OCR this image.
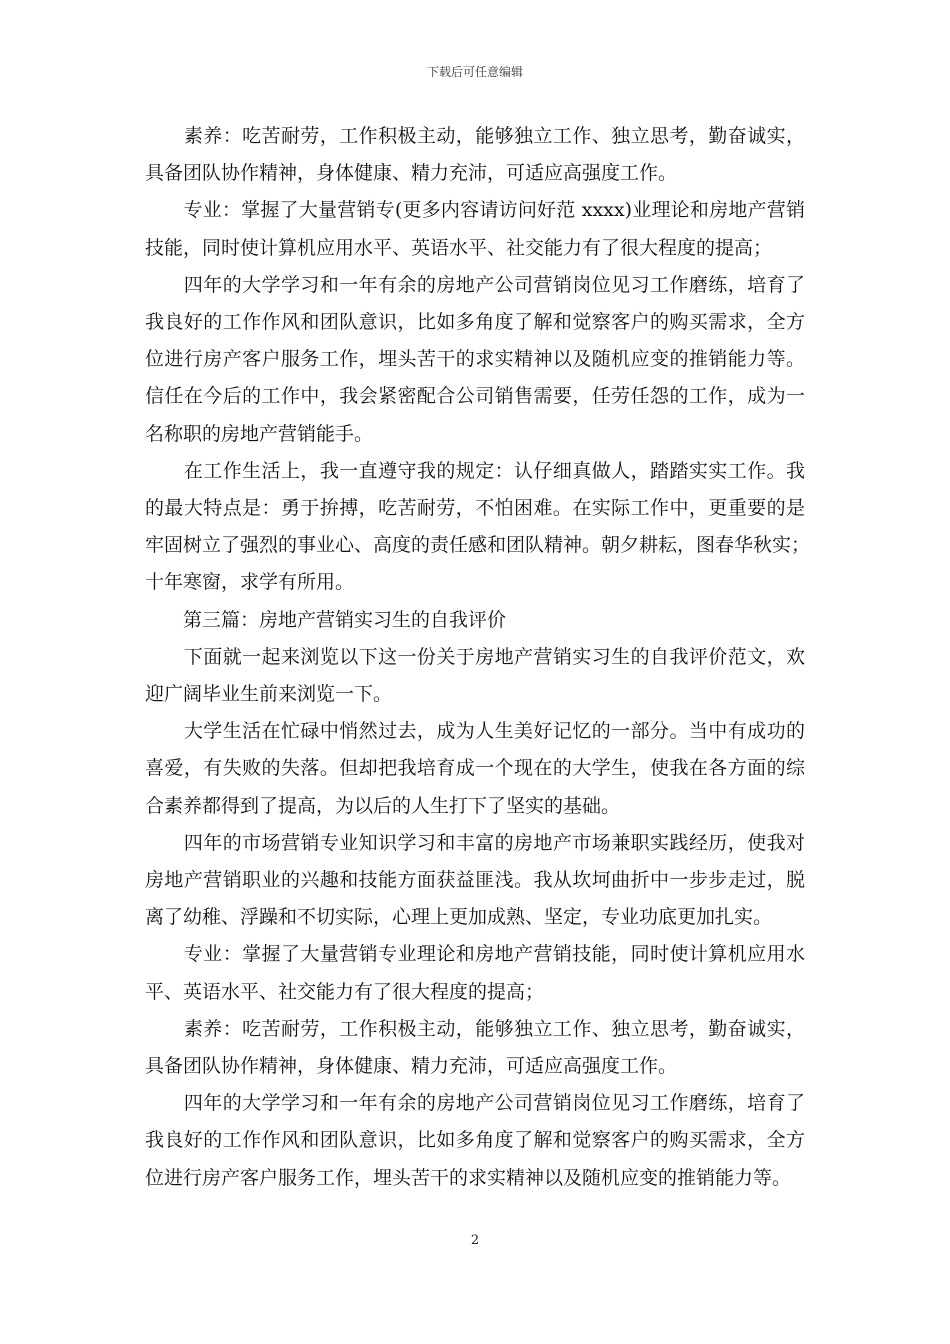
下载后可任意编辑
　　素养：吃苦耐劳，工作积极主动，能够独立工作、独立思考，勤奋诚实，
具备团队协作精神，身体健康、精力充沛，可适应高强度工作。
　　专业：掌握了大量营销专(更多内容请访问好范 xxxx)业理论和房地产营销
技能，同时使计算机应用水平、英语水平、社交能力有了很大程度的提高；
　　四年的大学学习和一年有余的房地产公司营销岗位见习工作磨练，培育了
我良好的工作作风和团队意识，比如多角度了解和觉察客户的购买需求，全方
位进行房产客户服务工作，埋头苦干的求实精神以及随机应变的推销能力等。
信任在今后的工作中，我会紧密配合公司销售需要，任劳任怨的工作，成为一
名称职的房地产营销能手。
　　在工作生活上，我一直遵守我的规定：认仔细真做人，踏踏实实工作。我
的最大特点是：勇于拚搏，吃苦耐劳，不怕困难。在实际工作中，更重要的是
牢固树立了强烈的事业心、高度的责任感和团队精神。朝夕耕耘，图春华秋实；
十年寒窗，求学有所用。
　　第三篇：房地产营销实习生的自我评价
　　下面就一起来浏览以下这一份关于房地产营销实习生的自我评价范文，欢
迎广阔毕业生前来浏览一下。
　　大学生活在忙碌中悄然过去，成为人生美好记忆的一部分。当中有成功的
喜爱，有失败的失落。但却把我培育成一个现在的大学生，使我在各方面的综
合素养都得到了提高，为以后的人生打下了坚实的基础。
　　四年的市场营销专业知识学习和丰富的房地产市场兼职实践经历，使我对
房地产营销职业的兴趣和技能方面获益匪浅。我从坎坷曲折中一步步走过，脱
离了幼稚、浮躁和不切实际，心理上更加成熟、坚定，专业功底更加扎实。
　　专业：掌握了大量营销专业理论和房地产营销技能，同时使计算机应用水
平、英语水平、社交能力有了很大程度的提高；
　　素养：吃苦耐劳，工作积极主动，能够独立工作、独立思考，勤奋诚实，
具备团队协作精神，身体健康、精力充沛，可适应高强度工作。
　　四年的大学学习和一年有余的房地产公司营销岗位见习工作磨练，培育了
我良好的工作作风和团队意识，比如多角度了解和觉察客户的购买需求，全方
位进行房产客户服务工作，埋头苦干的求实精神以及随机应变的推销能力等。
2
